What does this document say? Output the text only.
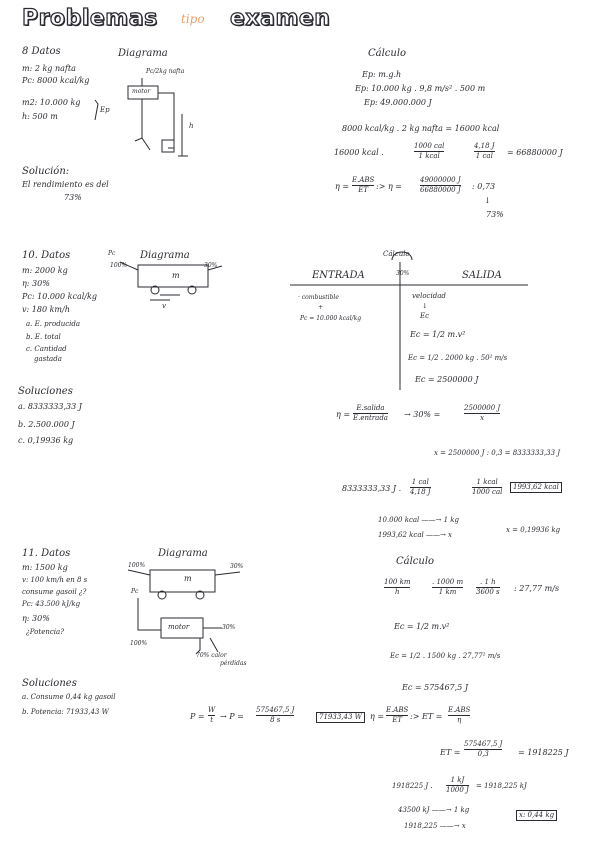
Problemas tipo examen
8 Datos
m: 2 kg nafta
Pc: 8000 kcal/kg
m2: 10.000 kg
h: 500 m
Ep
Diagrama
Pc/2kg nafta
motor
h
Solución:
El rendimiento es del
73%
Cálculo
Ep: m.g.h
Ep: 10.000 kg . 9,8 m/s² . 500 m
Ep: 49.000.000 J
8000 kcal/kg . 2 kg nafta = 16000 kcal
16000 kcal .
1000 cal
1 kcal
4,18 J
1 cal = 66880000 J
η =
E.ABS
ET :> η =
49000000 J
66880000 J : 0,73
↓
73%
10. Datos
m: 2000 kg
η: 30%
Pc: 10.000 kcal/kg
v: 180 km/h
a. E. producida
b. E. total
c. Cantidad
gastada
Diagrama
Pc
100%	30%
m
v
Soluciones
a. 8333333,33 J
b. 2.500.000 J
c. 0,19936 kg
Cálculo
30%
ENTRADA	SALIDA
· combustible
+
Pc = 10.000 kcal/kg
velocidad
↓
Ec
Ec = 1/2 m.v²
Ec = 1/2 . 2000 kg . 50² m/s
Ec = 2500000 J
η =
E.salida
E.entrada → 30% =
2500000 J
x
x = 2500000 J : 0,3 = 8333333,33 J
8333333,33 J .
1 cal
4,18 J
1 kcal
1000 cal
1993,62 kcal
10.000 kcal ——→ 1 kg
1993,62 kcal ——→ x
x = 0,19936 kg
11. Datos
m: 1500 kg
v: 100 km/h en 8 s
consume gasoil ¿?
Pc: 43.500 kJ/kg
η: 30%
¿Potencia?
Diagrama
100%	30%
m
Pc
motor
100%
30%
70% calor
pérdidas
Soluciones
a. Consume 0,44 kg gasoil
b. Potencia: 71933,43 W
Cálculo
100 km
h
. 1000 m
1 km
. 1 h
3600 s : 27,77 m/s
Ec = 1/2 m.v²
Ec = 1/2 . 1500 kg . 27,77² m/s
Ec = 575467,5 J
P =
W
t → P =
575467,5 J
8 s	71933,43 W	η =
E.ABS
ET :> ET =
E.ABS
η
ET =
575467,5 J
0,3	= 1918225 J
1918225 J .
1 kJ
1000 J = 1918,225 kJ
43500 kJ ——→ 1 kg
1918,225 ——→ x
x: 0,44 kg
